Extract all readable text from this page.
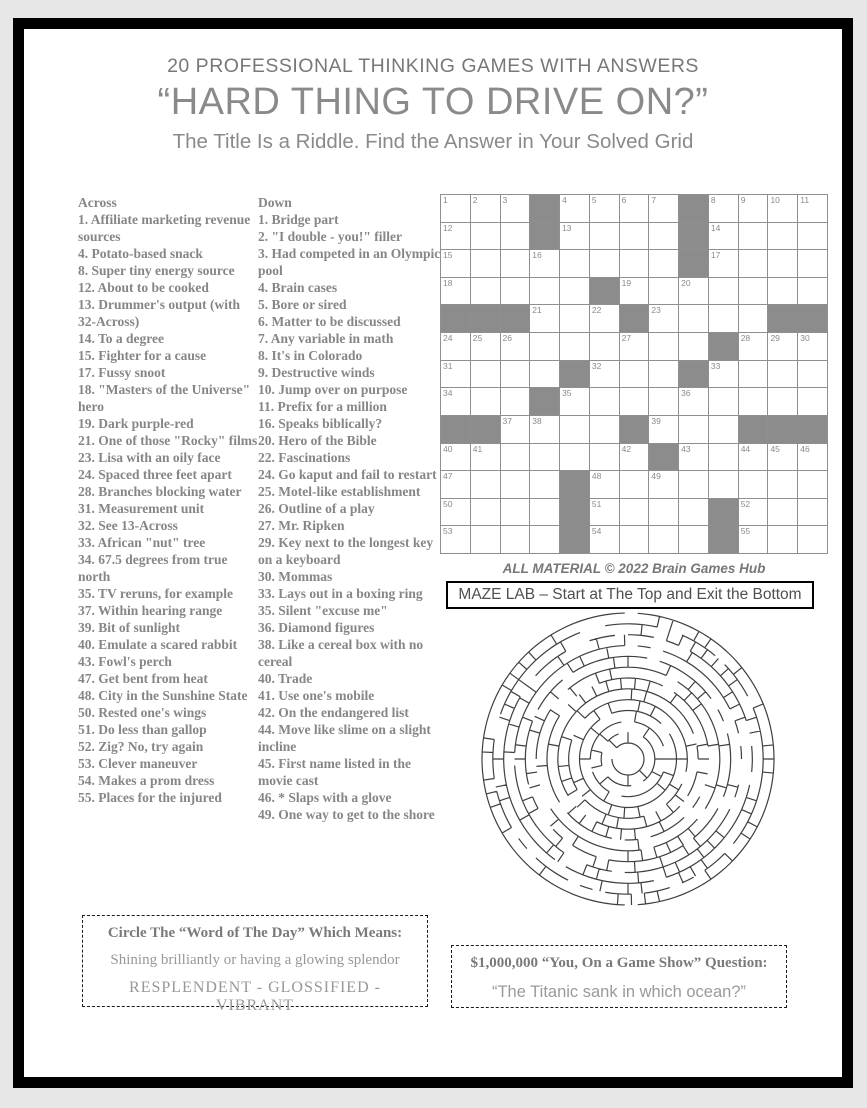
20 PROFESSIONAL THINKING GAMES WITH ANSWERS
“HARD THING TO DRIVE ON?”
The Title Is a Riddle. Find the Answer in Your Solved Grid

Across

1. Affiliate marketing revenue sources

4. Potato-based snack

8. Super tiny energy source

12. About to be cooked

13. Drummer's output (with 32-Across)

14. To a degree

15. Fighter for a cause

17. Fussy snoot

18. "Masters of the Universe" hero

19. Dark purple-red

21. One of those "Rocky" films

23. Lisa with an oily face

24. Spaced three feet apart

28. Branches blocking water

31. Measurement unit

32. See 13-Across

33. African "nut" tree

34. 67.5 degrees from true north

35. TV reruns, for example

37. Within hearing range

39. Bit of sunlight

40. Emulate a scared rabbit

43. Fowl's perch

47. Get bent from heat

48. City in the Sunshine State

50. Rested one's wings

51. Do less than gallop

52. Zig? No, try again

53. Clever maneuver

54. Makes a prom dress

55. Places for the injured

Down

1. Bridge part

2. "I double - you!" filler

3. Had competed in an Olympic pool

4. Brain cases

5. Bore or sired

6. Matter to be discussed

7. Any variable in math

8. It's in Colorado

9. Destructive winds

10. Jump over on purpose

11. Prefix for a million

16. Speaks biblically?

20. Hero of the Bible

22. Fascinations

24. Go kaput and fail to restart

25. Motel-like establishment

26. Outline of a play

27. Mr. Ripken

29. Key next to the longest key on a keyboard

30. Mommas

33. Lays out in a boxing ring

35. Silent "excuse me"

36. Diamond figures

38. Like a cereal box with no cereal

40. Trade

41. Use one's mobile

42. On the endangered list

44. Move like slime on a slight incline

45. First name listed in the movie cast

46. * Slaps with a glove

49. One way to get to the shore

1	2	3	4	5	6	7	8	9	10 11
12	13	14
15	16	17
18	19	20
21	22	23
24 25 26	27	28 29 30
31	32	33
34	35	36
37 38	39
40 41	42	43	44 45 46
47	48	49
50	51	52
53	54	55
ALL MATERIAL © 2022 Brain Games Hub
MAZE LAB – Start at The Top and Exit the Bottom
Circle The “Word of The Day” Which Means:
Shining brilliantly or having a glowing splendor
RESPLENDENT - GLOSSIFIED - VIBRANT
$1,000,000 “You, On a Game Show” Question:
“The Titanic sank in which ocean?”
